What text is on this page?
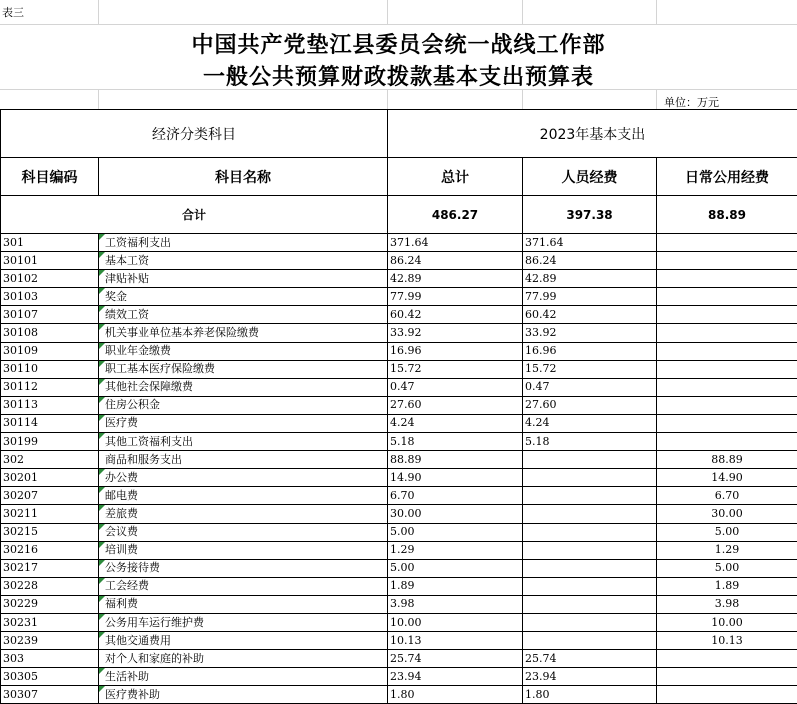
表三
中国共产党垫江县委员会统一战线工作部
一般公共预算财政拨款基本支出预算表
单位：万元
经济分类科目		2023年基本支出		
科目编码	科目名称	总计	人员经费	日常公用经费
合计		486.27	397.38	88.89
301	工资福利支出	371.64	371.64	
30101	基本工资	86.24	86.24	
30102	津贴补贴	42.89	42.89	
30103	奖金	77.99	77.99	
30107	绩效工资	60.42	60.42	
30108	机关事业单位基本养老保险缴费	33.92	33.92	
30109	职业年金缴费	16.96	16.96	
30110	职工基本医疗保险缴费	15.72	15.72	
30112	其他社会保障缴费	0.47	0.47	
30113	住房公积金	27.60	27.60	
30114	医疗费	4.24	4.24	
30199	其他工资福利支出	5.18	5.18	
302	商品和服务支出	88.89		88.89
30201	办公费	14.90		14.90
30207	邮电费	6.70		6.70
30211	差旅费	30.00		30.00
30215	会议费	5.00		5.00
30216	培训费	1.29		1.29
30217	公务接待费	5.00		5.00
30228	工会经费	1.89		1.89
30229	福利费	3.98		3.98
30231	公务用车运行维护费	10.00		10.00
30239	其他交通费用	10.13		10.13
303	对个人和家庭的补助	25.74	25.74	
30305	生活补助	23.94	23.94	
30307	医疗费补助	1.80	1.80	
